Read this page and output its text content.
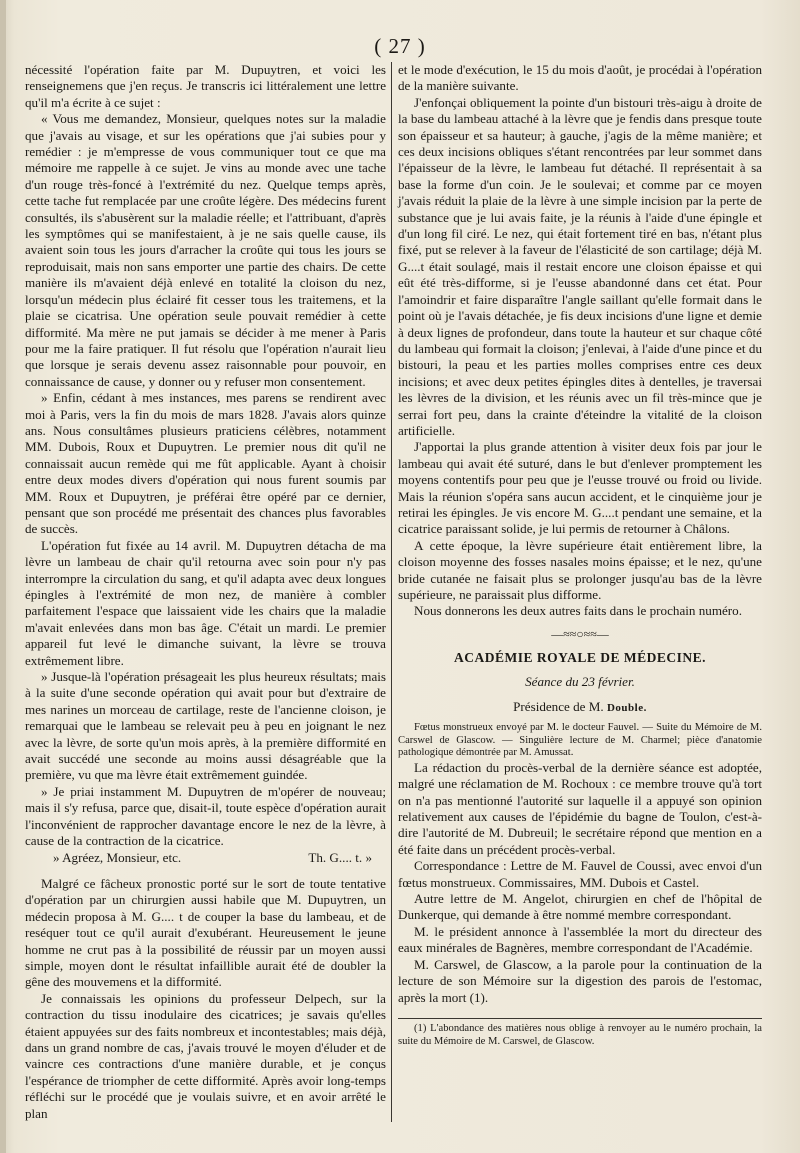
( 27 )

nécessité l'opération faite par M. Dupuytren, et voici les renseignemens que j'en reçus. Je transcris ici littéralement une lettre qu'il m'a écrite à ce sujet :

« Vous me demandez, Monsieur, quelques notes sur la maladie que j'avais au visage, et sur les opérations que j'ai subies pour y remédier : je m'empresse de vous communiquer tout ce que ma mémoire me rappelle à ce sujet. Je vins au monde avec une tache d'un rouge très-foncé à l'extrémité du nez. Quelque temps après, cette tache fut remplacée par une croûte légère. Des médecins furent consultés, ils s'abusèrent sur la maladie réelle; et l'attribuant, d'après les symptômes qui se manifestaient, à je ne sais quelle cause, ils avaient soin tous les jours d'arracher la croûte qui tous les jours se reproduisait, mais non sans emporter une partie des chairs. De cette manière ils m'avaient déjà enlevé en totalité la cloison du nez, lorsqu'un médecin plus éclairé fit cesser tous les traitemens, et la plaie se cicatrisa. Une opération seule pouvait remédier à cette difformité. Ma mère ne put jamais se décider à me mener à Paris pour me la faire pratiquer. Il fut résolu que l'opération n'aurait lieu que lorsque je serais devenu assez raisonnable pour pouvoir, en connaissance de cause, y donner ou y refuser mon consentement.

» Enfin, cédant à mes instances, mes parens se rendirent avec moi à Paris, vers la fin du mois de mars 1828. J'avais alors quinze ans. Nous consultâmes plusieurs praticiens célèbres, notamment MM. Dubois, Roux et Dupuytren. Le premier nous dit qu'il ne connaissait aucun remède qui me fût applicable. Ayant à choisir entre deux modes divers d'opération qui nous furent soumis par MM. Roux et Dupuytren, je préférai être opéré par ce dernier, pensant que son procédé me présentait des chances plus favorables de succès.

L'opération fut fixée au 14 avril. M. Dupuytren détacha de ma lèvre un lambeau de chair qu'il retourna avec soin pour n'y pas interrompre la circulation du sang, et qu'il adapta avec deux longues épingles à l'extrémité de mon nez, de manière à combler parfaitement l'espace que laissaient vide les chairs que la maladie m'avait enlevées dans mon bas âge. C'était un mardi. Le premier appareil fut levé le dimanche suivant, la lèvre se trouva extrêmement libre.

» Jusque-là l'opération présageait les plus heureux résultats; mais à la suite d'une seconde opération qui avait pour but d'extraire de mes narines un morceau de cartilage, reste de l'ancienne cloison, je remarquai que le lambeau se relevait peu à peu en joignant le nez avec la lèvre, de sorte qu'un mois après, à la première difformité en avait succédé une seconde au moins aussi désagréable que la première, vu que ma lèvre était extrêmement guindée.

» Je priai instamment M. Dupuytren de m'opérer de nouveau; mais il s'y refusa, parce que, disait-il, toute espèce d'opération aurait l'inconvénient de rapprocher davantage encore le nez de la lèvre, à cause de la contraction de la cicatrice.

Th. G.... t. »
» Agréez, Monsieur, etc.

Malgré ce fâcheux pronostic porté sur le sort de toute tentative d'opération par un chirurgien aussi habile que M. Dupuytren, un médecin proposa à M. G.... t de couper la base du lambeau, et de reséquer tout ce qu'il aurait d'exubérant. Heureusement le jeune homme ne crut pas à la possibilité de réussir par un moyen aussi simple, moyen dont le résultat infaillible aurait été de doubler la gêne des mouvemens et la difformité.

Je connaissais les opinions du professeur Delpech, sur la contraction du tissu inodulaire des cicatrices; je savais qu'elles étaient appuyées sur des faits nombreux et incontestables; mais déjà, dans un grand nombre de cas, j'avais trouvé le moyen d'éluder et de vaincre ces contractions d'une manière durable, et je conçus l'espérance de triompher de cette difformité. Après avoir long-temps réfléchi sur le procédé que je voulais suivre, et en avoir arrêté le plan

et le mode d'exécution, le 15 du mois d'août, je procédai à l'opération de la manière suivante.

J'enfonçai obliquement la pointe d'un bistouri très-aigu à droite de la base du lambeau attaché à la lèvre que je fendis dans presque toute son épaisseur et sa hauteur; à gauche, j'agis de la même manière; et ces deux incisions obliques s'étant rencontrées par leur sommet dans l'épaisseur de la lèvre, le lambeau fut détaché. Il représentait à sa base la forme d'un coin. Je le soulevai; et comme par ce moyen j'avais réduit la plaie de la lèvre à une simple incision par la perte de substance que je lui avais faite, je la réunis à l'aide d'une épingle et d'un long fil ciré. Le nez, qui était fortement tiré en bas, n'étant plus fixé, put se relever à la faveur de l'élasticité de son cartilage; déjà M. G....t était soulagé, mais il restait encore une cloison épaisse et qui eût été très-difforme, si je l'eusse abandonné dans cet état. Pour l'amoindrir et faire disparaître l'angle saillant qu'elle formait dans le point où je l'avais détachée, je fis deux incisions d'une ligne et demie à deux lignes de profondeur, dans toute la hauteur et sur chaque côté du lambeau qui formait la cloison; j'enlevai, à l'aide d'une pince et du bistouri, la peau et les parties molles comprises entre ces deux incisions; et avec deux petites épingles dites à dentelles, je traversai les lèvres de la division, et les réunis avec un fil très-mince que je serrai fort peu, dans la crainte d'éteindre la vitalité de la cloison artificielle.

J'apportai la plus grande attention à visiter deux fois par jour le lambeau qui avait été suturé, dans le but d'enlever promptement les moyens contentifs pour peu que je l'eusse trouvé ou froid ou livide. Mais la réunion s'opéra sans aucun accident, et le cinquième jour je retirai les épingles. Je vis encore M. G....t pendant une semaine, et la cicatrice paraissant solide, je lui permis de retourner à Châlons.

A cette époque, la lèvre supérieure était entièrement libre, la cloison moyenne des fosses nasales moins épaisse; et le nez, qu'une bride cutanée ne faisait plus se prolonger jusqu'au bas de la lèvre supérieure, ne paraissait plus difforme.

Nous donnerons les deux autres faits dans le prochain numéro.

—≈≈○≈≈—
ACADÉMIE ROYALE DE MÉDECINE.
Séance du 23 février.
Présidence de M. Double.

Fœtus monstrueux envoyé par M. le docteur Fauvel. — Suite du Mémoire de M. Carswel de Glascow. — Singulière lecture de M. Charmel; pièce d'anatomie pathologique démontrée par M. Amussat.

La rédaction du procès-verbal de la dernière séance est adoptée, malgré une réclamation de M. Rochoux : ce membre trouve qu'à tort on n'a pas mentionné l'autorité sur laquelle il a appuyé son opinion relativement aux causes de l'épidémie du bagne de Toulon, c'est-à-dire l'autorité de M. Dubreuil; le secrétaire répond que mention en a été faite dans un précédent procès-verbal.

Correspondance : Lettre de M. Fauvel de Coussi, avec envoi d'un fœtus monstrueux. Commissaires, MM. Dubois et Castel.

Autre lettre de M. Angelot, chirurgien en chef de l'hôpital de Dunkerque, qui demande à être nommé membre correspondant.

M. le président annonce à l'assemblée la mort du directeur des eaux minérales de Bagnères, membre correspondant de l'Académie.

M. Carswel, de Glascow, a la parole pour la continuation de la lecture de son Mémoire sur la digestion des parois de l'estomac, après la mort (1).

(1) L'abondance des matières nous oblige à renvoyer au le numéro prochain, la suite du Mémoire de M. Carswel, de Glascow.
